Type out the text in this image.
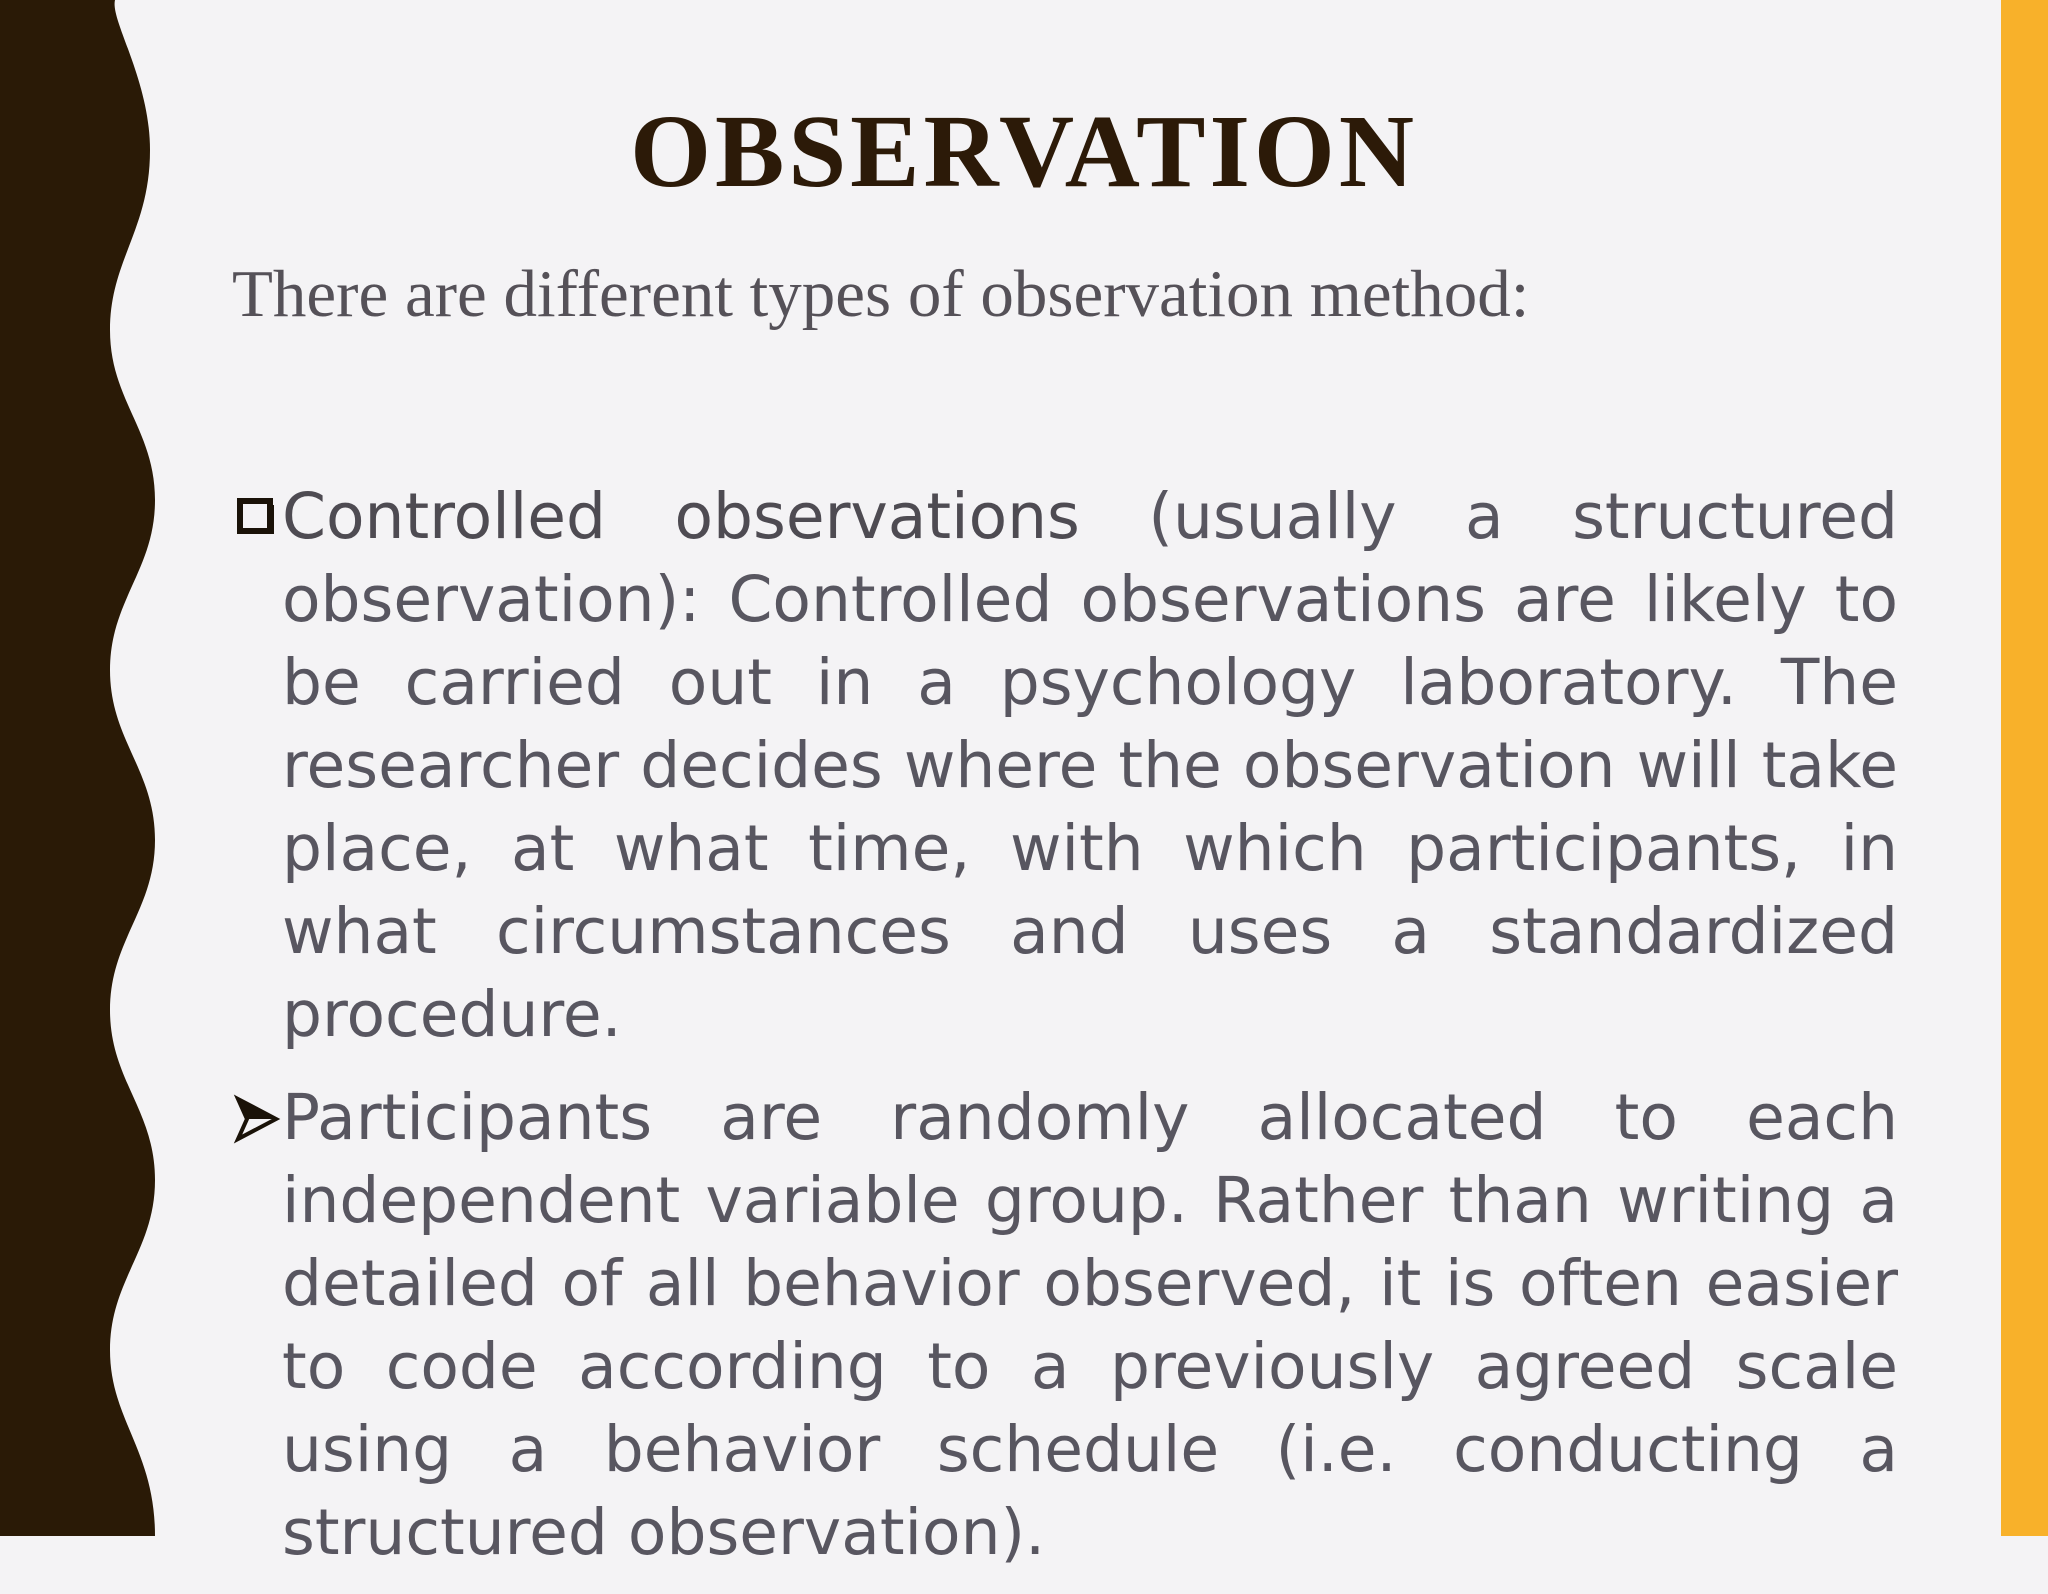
OBSERVATION

There are different types of observation method:

Controlled observations (usually a structured observation): Controlled observations are likely to be carried out in a psychology laboratory. The researcher decides where the observation will take place, at what time, with which participants, in what circumstances and uses a standardized procedure.

Participants are randomly allocated to each independent variable group. Rather than writing a detailed of all behavior observed, it is often easier to code according to a previously agreed scale using a behavior schedule (i.e. conducting a structured observation).
